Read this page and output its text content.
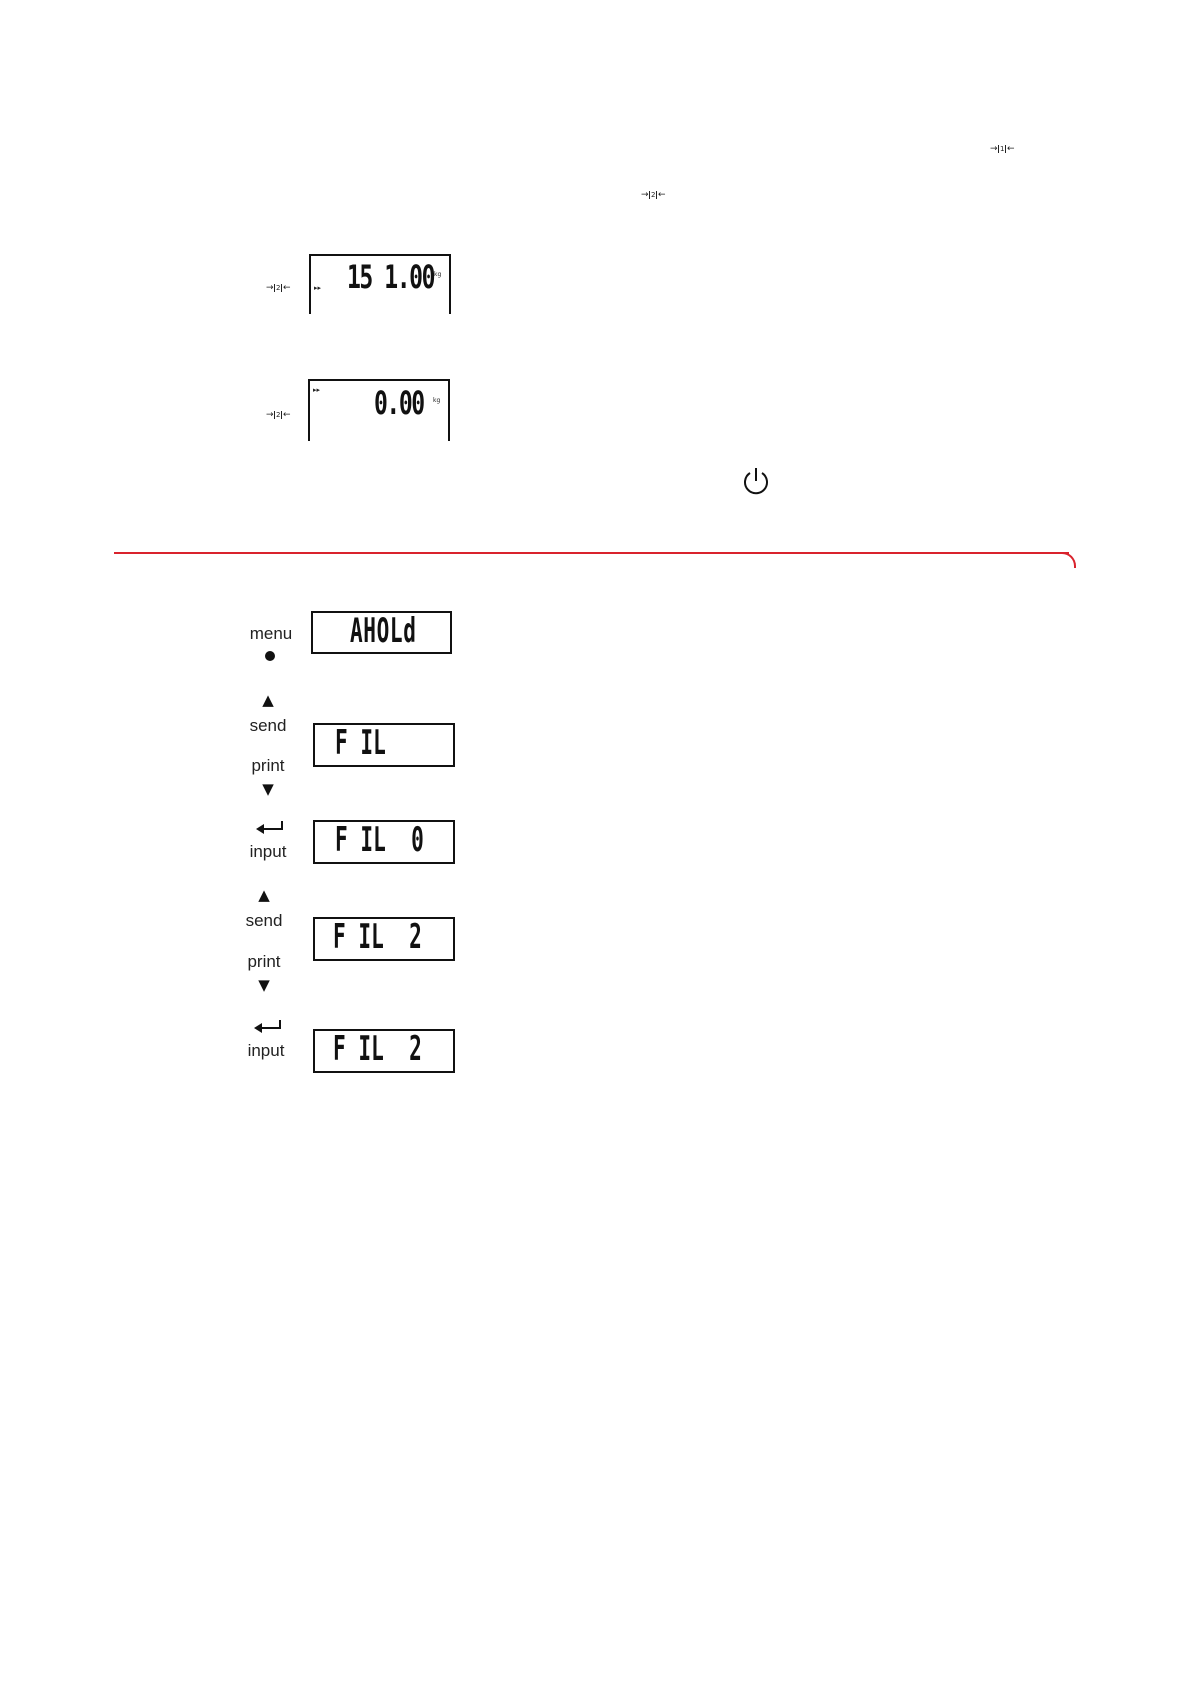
→ 1 ←
→ 2 ←
→ 2 ←	▸▸ 15 1.00 kg
→ 2 ←
▸▸ 0.00 kg
menu	AHOLd
▲
send
print
▼
F IL
input	F IL  0
▲
send
print
▼
F IL  2
input	F IL  2
